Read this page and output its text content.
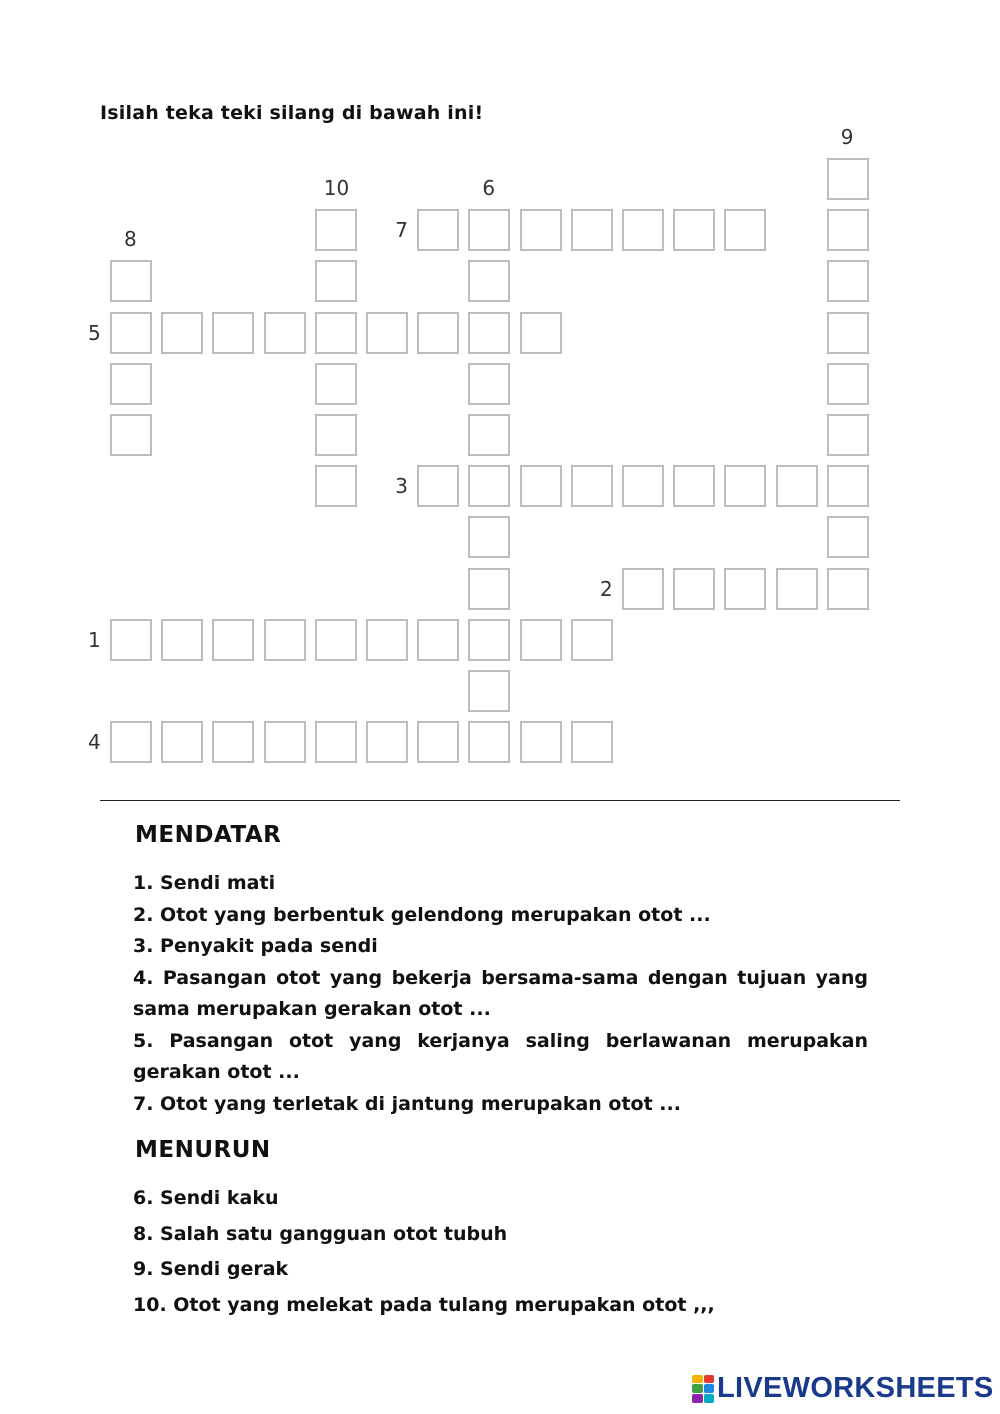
Isilah teka teki silang di bawah ini!
1
2
3
4
5
6
7
8
9
10
MENDATAR
1. Sendi mati
2. Otot yang berbentuk gelendong merupakan otot ...
3. Penyakit pada sendi
4. Pasangan otot yang bekerja bersama-sama dengan tujuan yang sama merupakan gerakan otot ...
5. Pasangan otot yang kerjanya saling berlawanan merupakan gerakan otot ...
7. Otot yang terletak di jantung merupakan otot ...
MENURUN
6. Sendi kaku
8. Salah satu gangguan otot tubuh
9. Sendi gerak
10. Otot yang melekat pada tulang merupakan otot ,,,
LIVEWORKSHEETS
